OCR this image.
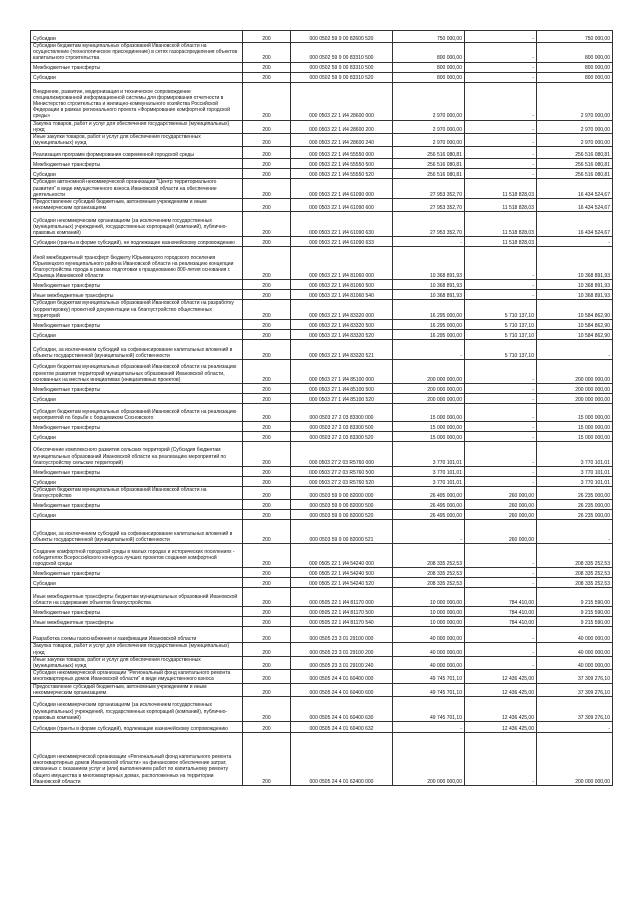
Субсидии	200	000 0502 59 9 00 82600 520	750 000,00	-	750 000,00
Субсидии бюджетам муниципальных образований Ивановской области на осуществление (технологическое присоединение) в сетях газораспределения объектов капитального строительства	200	000 0502 59 9 00 83310 500	800 000,00	-	800 000,00
Межбюджетные трансферты	200	000 0502 59 9 00 83310 500	800 000,00	-	800 000,00
Субсидии	200	000 0502 59 9 00 83310 520	800 000,00	-	800 000,00
Внедрение, развитие, модернизация и техническое сопровождение специализированной информационной системы для формирования отчетности в Министерство строительства и жилищно-коммунального хозяйства Российской Федерации в рамках регионального проекта «Формирование комфортной городской среды»	200	000 0503 22 1 И4 28600 000	2 970 000,00	-	2 970 000,00
Закупка товаров, работ и услуг для обеспечения государственных (муниципальных) нужд	200	000 0503 22 1 И4 28600 200	2 970 000,00	-	2 970 000,00
Иные закупки товаров, работ и услуг для обеспечения государственных (муниципальных) нужд	200	000 0503 22 1 И4 28600 240	2 970 000,00	-	2 970 000,00
Реализация программ формирования современной городской среды	200	000 0503 22 1 И4 55550 000	256 516 080,81	-	256 516 080,81
Межбюджетные трансферты	200	000 0503 22 1 И4 55550 500	256 516 080,81	-	256 516 080,81
Субсидии	200	000 0503 22 1 И4 55550 520	256 516 080,81	-	256 516 080,81
Субсидия автономной некоммерческой организации "Центр территориального развития" в виде имущественного взноса Ивановской области на обеспечение деятельности	200	000 0503 22 1 И4 61090 000	27 953 352,70	11 518 828,03	16 434 524,67
Предоставление субсидий бюджетным, автономным учреждениям и иным некоммерческим организациям	200	000 0503 22 1 И4 61090 600	27 953 352,70	11 518 828,03	16 434 524,67
Субсидии некоммерческим организациям (за исключением государственных (муниципальных) учреждений, государственных корпораций (компаний), публично-правовых компаний)	200	000 0503 22 1 И4 61090 630	27 953 352,70	11 518 828,03	16 434 524,67
Субсидии (гранты в форме субсидий), не подлежащие казначейскому сопровождению	200	000 0503 22 1 И4 61090 633	-	11 518 828,03	-
Иной межбюджетный трансферт бюджету Юрьевецкого городского поселения Юрьевецкого муниципального района Ивановской области на реализацию концепции благоустройства города в рамках подготовки к празднованию 800-летия основания г. Юрьевца Ивановской области	200	000 0503 22 1 И4 81060 000	10 368 891,93	-	10 368 891,93
Межбюджетные трансферты	200	000 0503 22 1 И4 81060 500	10 368 891,93	-	10 368 891,93
Иные межбюджетные трансферты	200	000 0503 22 1 И4 81060 540	10 368 891,93	-	10 368 891,93
Субсидия бюджетам муниципальных образований Ивановской области на разработку (корректировку) проектной документации на благоустройство общественных территорий	200	000 0503 22 1 И4 83320 000	16 295 000,00	5 710 137,10	10 584 862,90
Межбюджетные трансферты	200	000 0503 22 1 И4 83320 500	16 295 000,00	5 710 137,10	10 584 862,90
Субсидии	200	000 0503 22 1 И4 83320 520	16 295 000,00	5 710 137,10	10 584 862,90
Субсидии, за исключением субсидий на софинансирование капитальных вложений в объекты государственной (муниципальной) собственности	200	000 0503 22 1 И4 83320 521	-	5 710 137,10	-
Субсидия бюджетам муниципальных образований Ивановской области на реализацию проектов развития территорий муниципальных образований Ивановской области, основанных на местных инициативах (инициативных проектов)	200	000 0503 27 1 И4 85100 000	200 000 000,00	-	200 000 000,00
Межбюджетные трансферты	200	000 0503 27 1 И4 85100 500	200 000 000,00	-	200 000 000,00
Субсидии	200	000 0503 27 1 И4 85100 520	200 000 000,00	-	200 000 000,00
Субсидия бюджетам муниципальных образований Ивановской области на реализацию мероприятий по борьбе с борщевиком Сосновского	200	000 0503 27 2 03 83300 000	15 000 000,00	-	15 000 000,00
Межбюджетные трансферты	200	000 0503 27 2 03 83300 500	15 000 000,00	-	15 000 000,00
Субсидии	200	000 0503 27 2 03 83300 520	15 000 000,00	-	15 000 000,00
Обеспечение комплексного развития сельских территорий (Субсидия бюджетам муниципальных образований Ивановской области на реализацию мероприятий по благоустройству сельских территорий)	200	000 0503 27 2 03 R5760 000	3 770 101,01	-	3 770 101,01
Межбюджетные трансферты	200	000 0503 27 2 03 R5760 500	3 770 101,01	-	3 770 101,01
Субсидии	200	000 0503 27 2 03 R5760 520	3 770 101,01	-	3 770 101,01
Субсидия бюджетам муниципальных образований Ивановской области на благоустройство	200	000 0503 59 9 00 82000 000	26 495 000,00	260 000,00	26 235 000,00
Межбюджетные трансферты	200	000 0503 59 9 00 82000 500	26 495 000,00	260 000,00	26 235 000,00
Субсидии	200	000 0503 59 9 00 82000 520	26 495 000,00	260 000,00	26 235 000,00
Субсидии, за исключением субсидий на софинансирование капитальных вложений в объекты государственной (муниципальной) собственности	200	000 0503 59 9 00 82000 521	-	260 000,00	-
Создание комфортной городской среды в малых городах и исторических поселениях - победителях Всероссийского конкурса лучших проектов создания комфортной городской среды	200	000 0505 22 1 И4 54240 000	208 335 252,53	-	208 335 252,53
Межбюджетные трансферты	200	000 0505 22 1 И4 54240 500	208 335 252,53	-	208 335 252,53
Субсидии	200	000 0505 22 1 И4 54240 520	208 335 252,53	-	208 335 252,53
Иные межбюджетные трансферты бюджетам муниципальных образований Ивановской области на содержание объектов благоустройства	200	000 0505 22 1 И4 81170 000	10 000 000,00	784 410,00	9 215 590,00
Межбюджетные трансферты	200	000 0505 22 1 И4 81170 500	10 000 000,00	784 410,00	9 215 590,00
Иные межбюджетные трансферты	200	000 0505 22 1 И4 81170 540	10 000 000,00	784 410,00	9 215 590,00
Разработка схемы газоснабжения и газификации Ивановской области	200	000 0505 23 3 01 29100 000	40 000 000,00	-	40 000 000,00
Закупка товаров, работ и услуг для обеспечения государственных (муниципальных) нужд	200	000 0505 23 3 01 29100 200	40 000 000,00	-	40 000 000,00
Иные закупки товаров, работ и услуг для обеспечения государственных (муниципальных) нужд	200	000 0505 23 3 01 29100 240	40 000 000,00	-	40 000 000,00
Субсидия некоммерческой организации "Региональный фонд капитального ремонта многоквартирных домов Ивановской области" в виде имущественного взноса	200	000 0505 24 4 01 60400 000	49 745 701,10	12 436 425,00	37 309 276,10
Предоставление субсидий бюджетным, автономным учреждениям и иным некоммерческим организациям	200	000 0505 24 4 01 60400 600	49 745 701,10	12 436 425,00	37 309 276,10
Субсидии некоммерческим организациям (за исключением государственных (муниципальных) учреждений, государственных корпораций (компаний), публично-правовых компаний)	200	000 0505 24 4 01 60400 630	49 745 701,10	12 436 425,00	37 309 276,10
Субсидии (гранты в форме субсидий), подлежащие казначейскому сопровождению	200	000 0505 24 4 01 60400 632	-	12 436 425,00	-
Субсидия некоммерческой организации «Региональный фонд капитального ремонта многоквартирных домов Ивановской области» на финансовое обеспечение затрат, связанных с оказанием услуг и (или) выполнением работ по капитальному ремонту общего имущества в многоквартирных домах, расположенных на территории Ивановской области	200	000 0505 24 4 01 62400 000	200 000 000,00	-	200 000 000,00
